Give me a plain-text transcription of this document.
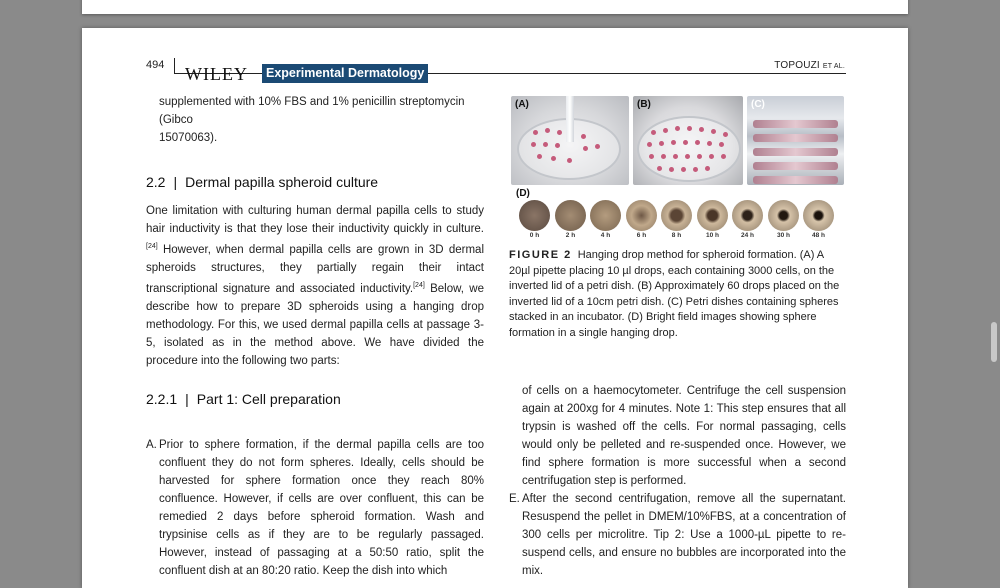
494 WILEY	Experimental Dermatology
TOPOUZI ET AL.
supplemented with 10% FBS and 1% penicillin streptomycin (Gibco
15070063).
2.2 | Dermal papilla spheroid culture
One limitation with culturing human dermal papilla cells to study hair inductivity is that they lose their inductivity quickly in culture.[24] However, when dermal papilla cells are grown in 3D dermal spheroids structures, they partially regain their intact transcriptional signature and associated inductivity.[24] Below, we describe how to prepare 3D spheroids using a hanging drop methodology. For this, we used dermal papilla cells at passage 3-5, isolated as in the method above. We have divided the procedure into the following two parts:
2.2.1 | Part 1: Cell preparation
A. Prior to sphere formation, if the dermal papilla cells are too confluent they do not form spheres. Ideally, cells should be harvested for sphere formation once they reach 80% confluence. However, if cells are over confluent, this can be remedied 2 days before spheroid formation. Wash and trypsinise cells as if they are to be regularly passaged. However, instead of passaging at a 50:50 ratio, split the confluent dish at an 80:20 ratio. Keep the dish into which
(A)	(B)	(C)
(D)
FIGURE 2 Hanging drop method for spheroid formation. (A) A 20µl pipette placing 10 µl drops, each containing 3000 cells, on the inverted lid of a petri dish. (B) Approximately 60 drops placed on the inverted lid of a 10cm petri dish. (C) Petri dishes containing spheres stacked in an incubator. (D) Bright field images showing sphere formation in a single hanging drop.
of cells on a haemocytometer. Centrifuge the cell suspension again at 200xg for 4 minutes. Note 1: This step ensures that all trypsin is washed off the cells. For normal passaging, cells would only be pelleted and re-suspended once. However, we find sphere formation is more successful when a second centrifugation step is performed.
E. After the second centrifugation, remove all the supernatant. Resuspend the pellet in DMEM/10%FBS, at a concentration of 300 cells per microlitre. Tip 2: Use a 1000-µL pipette to re-suspend cells, and ensure no bubbles are incorporated into the mix.
0 h	2 h	4 h	6 h	8 h	10 h	24 h	30 h	48 h
